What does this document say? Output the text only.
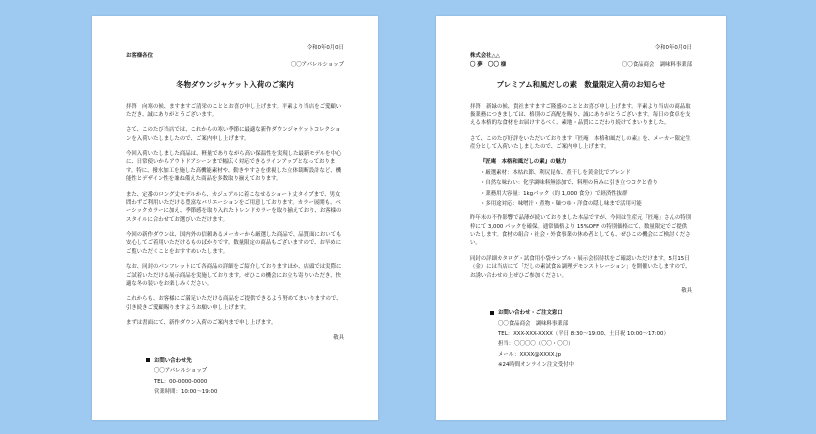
令和0年0月0日
お客様各位
〇〇アパレルショップ
冬物ダウンジャケット入荷のご案内
拝啓　向寒の候、ますますご清栄のこととお喜び申し上げます。平素より当店をご愛顧いただき、誠にありがとうございます。
さて、このたび当店では、これからの寒い季節に最適な新作ダウンジャケットコレクションを入荷いたしましたので、ご案内申し上げます。
今回入荷いたしました商品は、軽量でありながら高い保温性を実現した最新モデルを中心に、日常使いからアウトドアシーンまで幅広く対応できるラインアップとなっております。特に、撥水加工を施した高機能素材や、動きやすさを重視した立体裁断設計など、機能性とデザイン性を兼ね備えた商品を多数取り揃えております。
また、定番のロング丈モデルから、カジュアルに着こなせるショート丈タイプまで、男女問わずご利用いただける豊富なバリエーションをご用意しております。カラー展開も、ベーシックカラーに加え、季節感を取り入れたトレンドカラーを取り揃えており、お客様のスタイルに合わせてお選びいただけます。
今回の新作ダウンは、国内外の信頼あるメーカーから厳選した商品で、品質面においても安心してご着用いただけるものばかりです。数量限定の商品もございますので、お早めにご覧いただくことをおすすめいたします。
なお、同封のパンフレットにて各商品の詳細をご紹介しておりますほか、店頭では実際にご試着いただける展示商品を実施しております。ぜひこの機会にお立ち寄りいただき、快適な冬の装いをお楽しみください。
これからも、お客様にご満足いただける商品をご提供できるよう努めてまいりますので、引き続きご愛顧賜りますようお願い申し上げます。
まずは書面にて、新作ダウン入荷のご案内まで申し上げます。
敬具
お問い合わせ先
〇〇アパレルショップ
TEL：00-0000-0000
営業時間：10:00～19:00
令和0年0月0日
株式会社△△
〇 夢　〇〇 様	〇〇食品商会　調味料事業部
プレミアム和風だしの素　数量限定入荷のお知らせ
拝啓　新緑の候、貴社ますますご隆盛のこととお喜び申し上げます。平素より当店の商品取扱業務につきましては、格別のご高配を賜り、誠にありがとうございます。毎日の食卓を支える本格的な食材をお届けするべく、素地・品質にこだわり続けてまいりました。
さて、このたび好評をいただいております『匠庵　本格和風だしの素』を、メーカー限定生産分として入荷いたしましたので、ご案内申し上げます。
『匠庵　本格和風だしの素』の魅力
・厳選素材：本枯れ節、利尻昆布、煮干しを黄金比でブレンド
・自然な味わい：化学調味料無添加で、料理の旨みに引き立つコクと香り
・業務用大容量：1kgパック（約 1,000 食分）で経済性抜群
・多用途対応：味噌汁・煮物・麺つゆ・洋食の隠し味まで活用可能
昨年末の不作影響で品薄が続いておりました本品ですが、今回は生産元「匠庵」さんの特別枠にて 3,000 パックを確保。通常価格より 15%OFF の特別価格にて、数量限定でご提供いたします。食材の組合・社会・外食事業の休め者としても、ぜひこの機会にご検討ください。
同封の詳細カタログ・試食用小袋サンプル・展示会招待状をご確認いただけます。5月15日（金）には当店にて「だしの素試食＆調理デモンストレーション」を開催いたしますので、お誘い合わせの上ぜひご参加ください。
敬具
お問い合わせ・ご注文窓口
〇〇食品商会　調味料事業部
TEL：XXX-XXX-XXXX（平日 8:30～19:00、土日祝 10:00～17:00）
担当：〇〇〇〇（〇〇・〇〇）
メール：XXXX@XXXX.jp
※24時間オンライン注文受付中
